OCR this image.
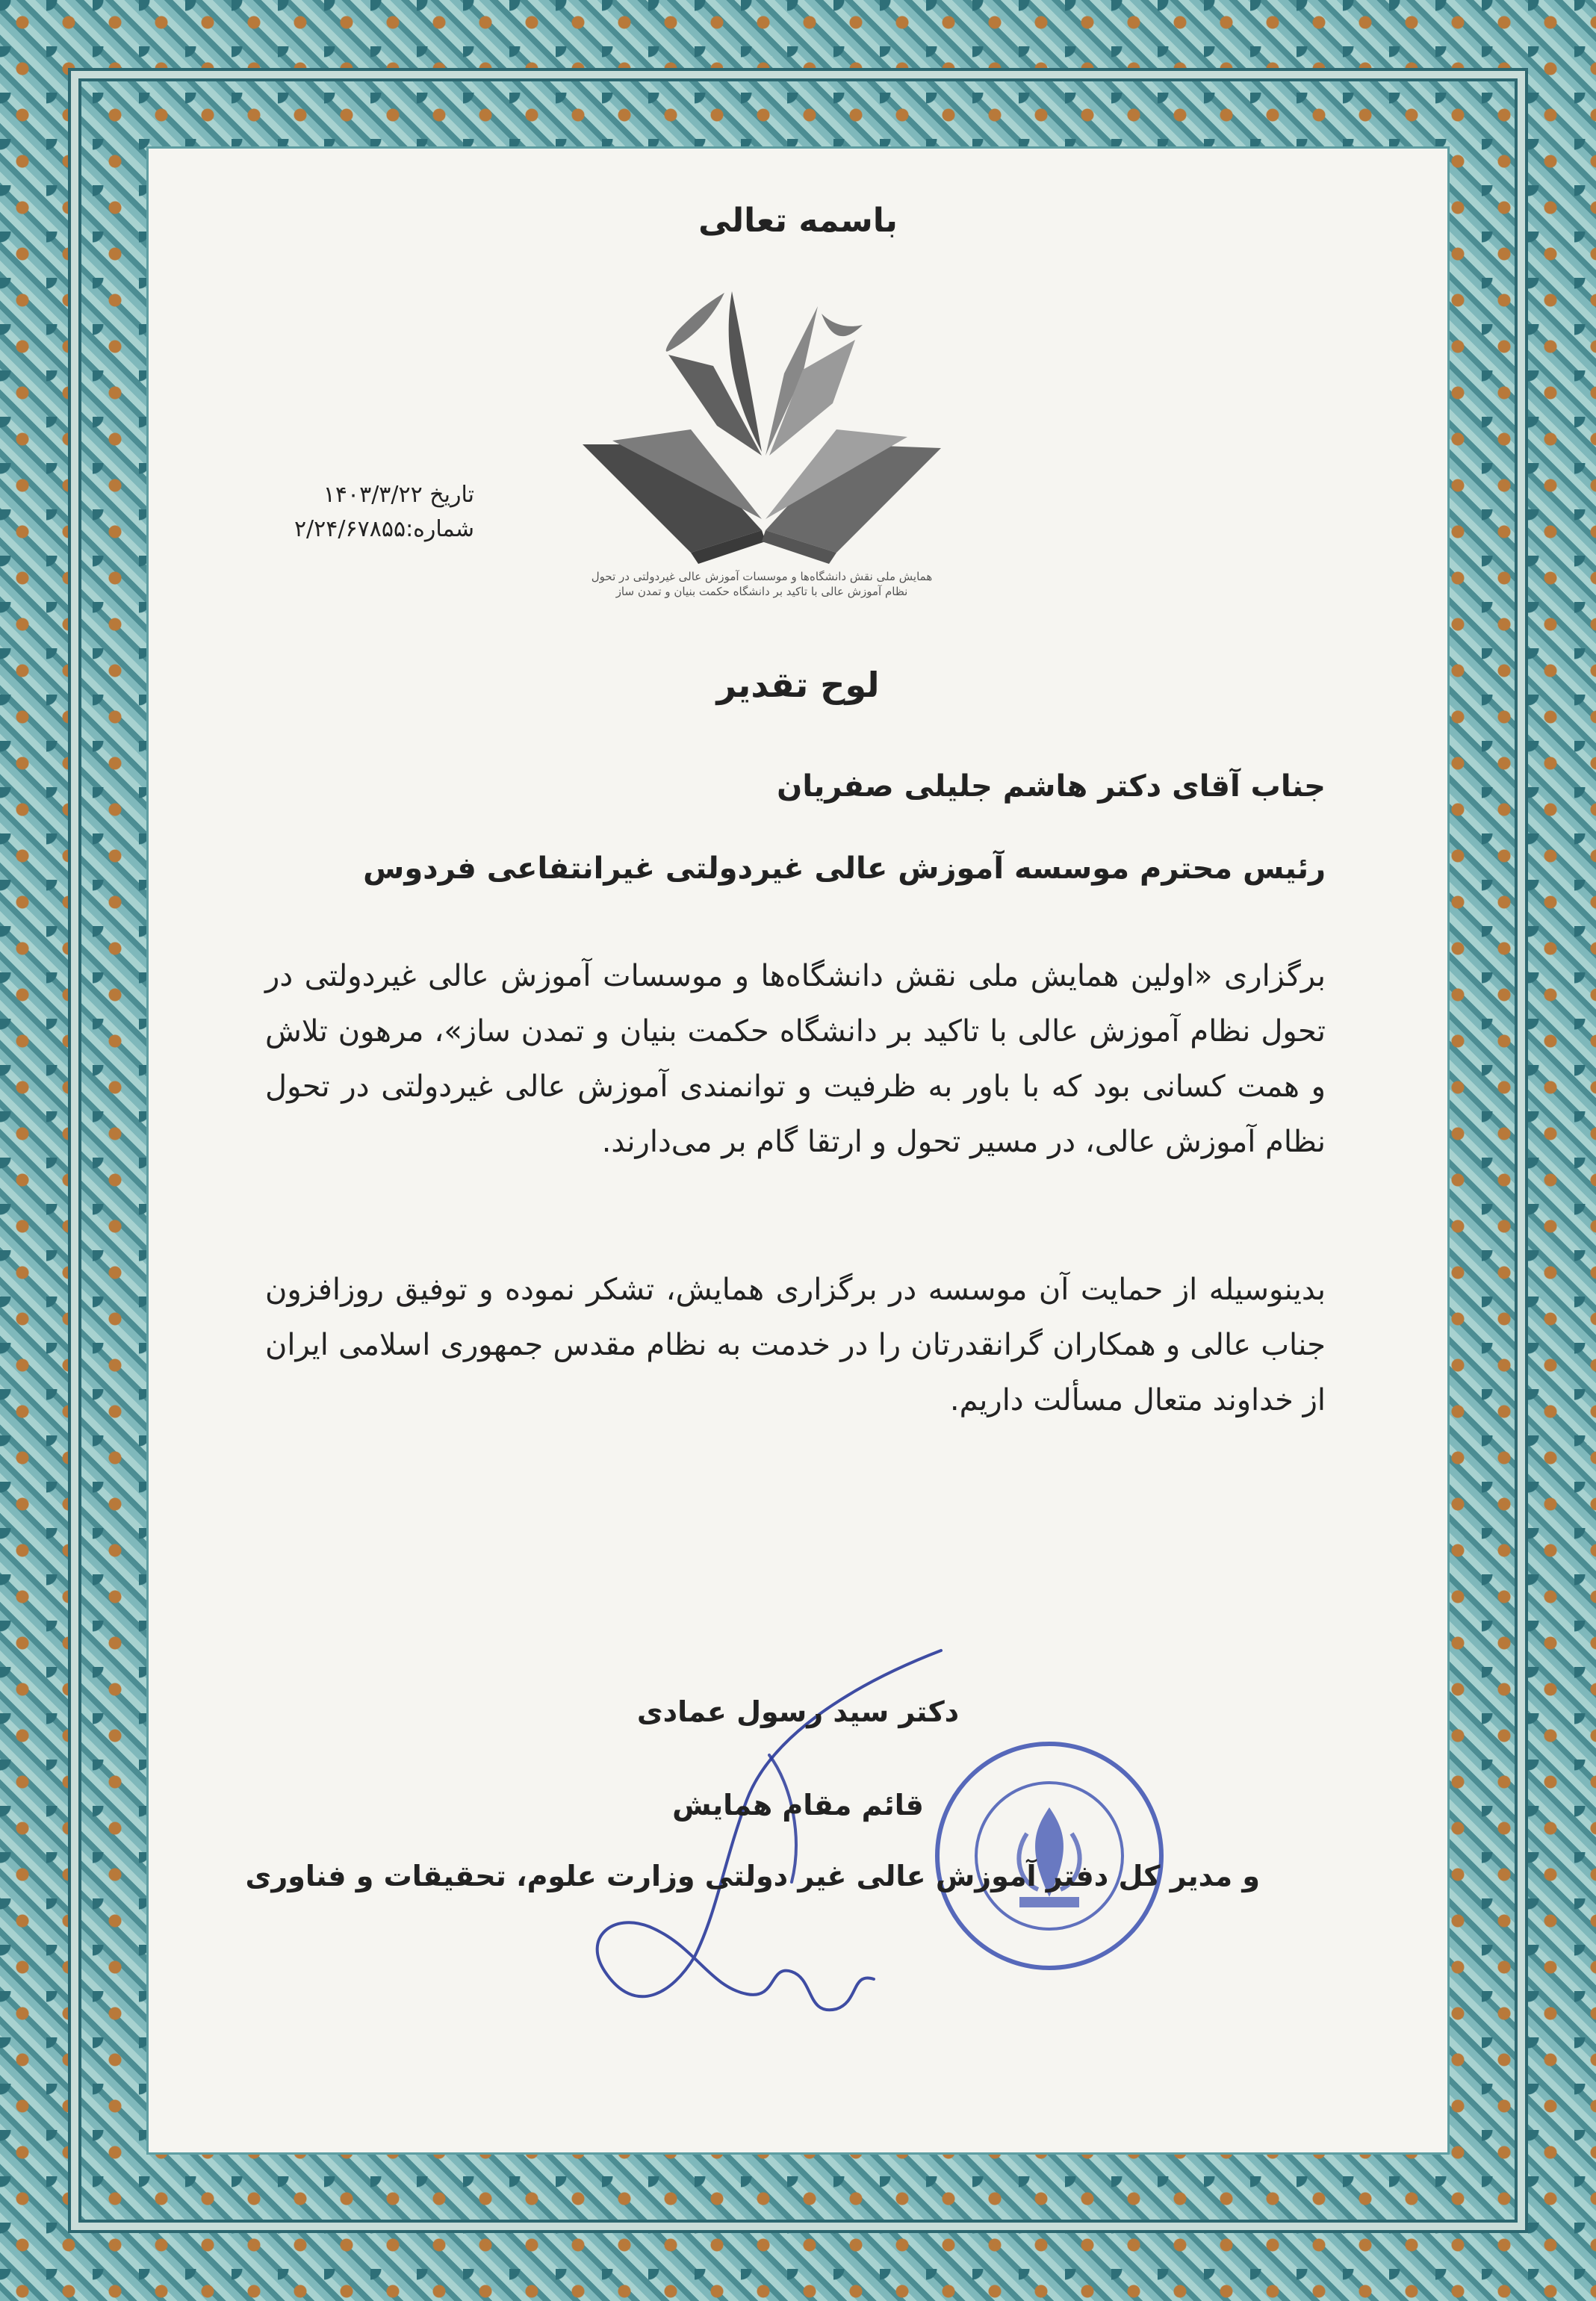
باسمه تعالی
همایش ملی نقش دانشگاه‌ها و موسسات آموزش عالی غیردولتی در تحول
نظام آموزش عالی با تاکید بر دانشگاه حکمت بنیان و تمدن ساز
تاریخ ۱۴۰۳/۳/۲۲
شماره:۲/۲۴/۶۷۸۵۵
لوح تقدیر
جناب آقای دکتر هاشم جلیلی صفریان
رئیس محترم موسسه آموزش عالی غیردولتی غیرانتفاعی فردوس
برگزاری «اولین همایش ملی نقش دانشگاه‌ها و موسسات آموزش عالی غیردولتی در تحول نظام آموزش عالی با تاکید بر دانشگاه حکمت بنیان و تمدن ساز»، مرهون تلاش و همت کسانی بود که با باور به ظرفیت و توانمندی آموزش عالی غیردولتی در تحول نظام آموزش عالی، در مسیر تحول و ارتقا گام بر می‌دارند.
بدینوسیله از حمایت آن موسسه در برگزاری همایش، تشکر نموده و توفیق روزافزون جناب عالی و همکاران گرانقدرتان را در خدمت به نظام مقدس جمهوری اسلامی ایران از خداوند متعال مسألت داریم.
دکتر سید رسول عمادی
قائم مقام همایش
و مدیر کل دفتر آموزش عالی غیر دولتی وزارت علوم، تحقیقات و فناوری
